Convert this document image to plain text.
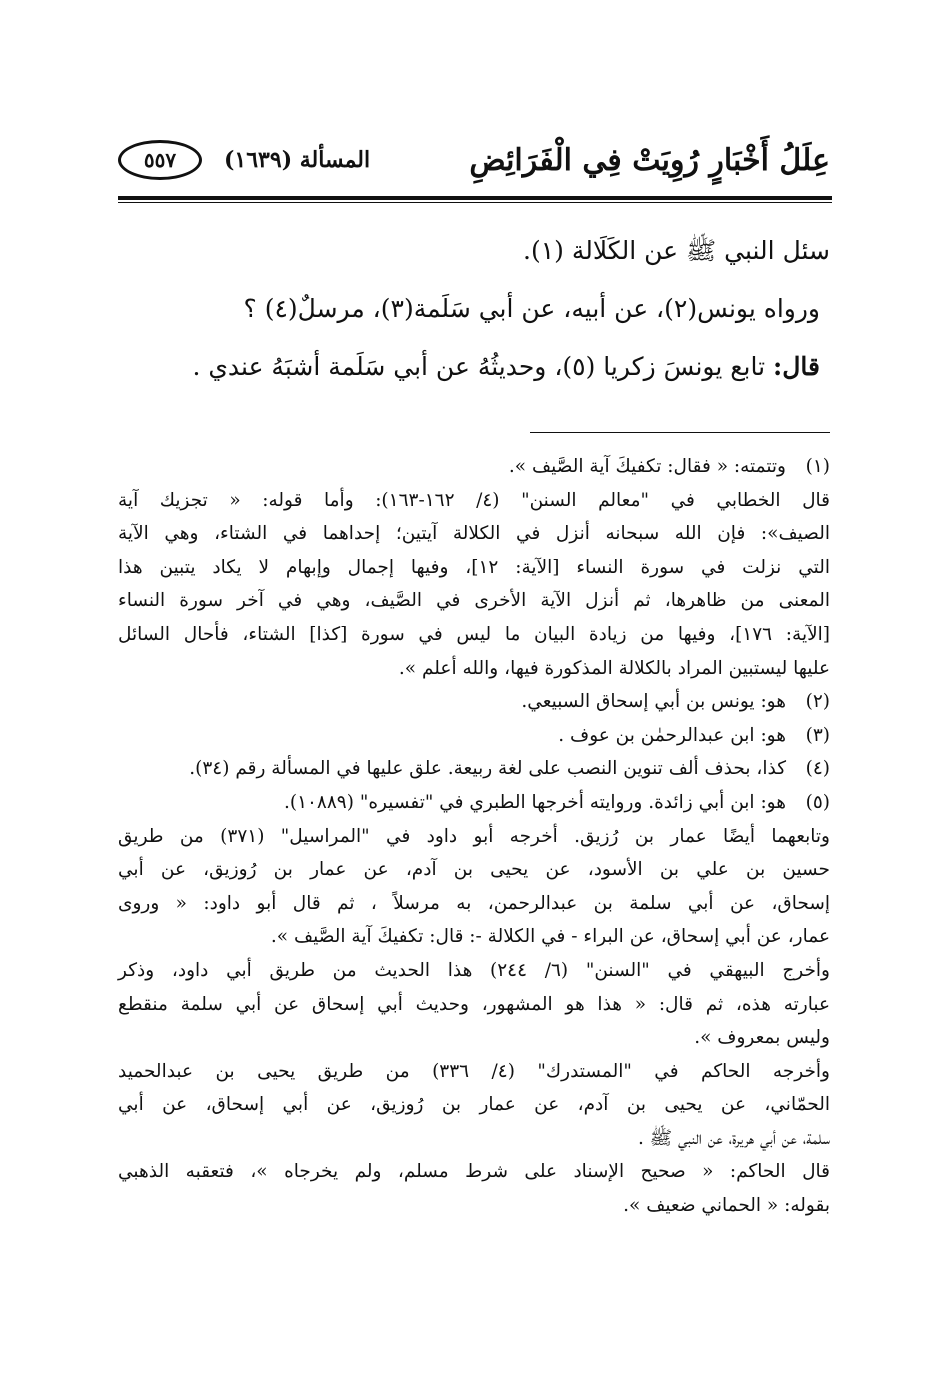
عِلَلُ أَخْبَارٍ رُوِيَتْ فِي الْفَرَائِضِ
المسألة (١٦٣٩)
٥٥٧

سئل النبي ﷺ عن الكَلَالة (١).

ورواه يونس(٢)، عن أبيه، عن أبي سَلَمة(٣)، مرسلٌ(٤) ؟

قال: تابع يونسَ زكريا (٥)، وحديثُهُ عن أبي سَلَمة أشبَهُ عندي .

(١)
وتتمته: « فقال: تكفيكَ آية الصَّيف ».
قال الخطابي في "معالم السنن" (٤/ ١٦٢-١٦٣): وأما قوله: « تجزيك آية
الصيف»: فإن الله سبحانه أنزل في الكلالة آيتين؛ إحداهما في الشتاء، وهي الآية
التي نزلت في سورة النساء [الآية: ١٢]، وفيها إجمال وإبهام لا يكاد يتبين هذا
المعنى من ظاهرها، ثم أنزل الآية الأخرى في الصَّيف، وهي في آخر سورة النساء
[الآية: ١٧٦]، وفيها من زيادة البيان ما ليس في سورة [كذا] الشتاء، فأحال السائل
عليها ليستبين المراد بالكلالة المذكورة فيها، والله أعلم ».
(٢)
هو: يونس بن أبي إسحاق السبيعي.
(٣)
هو: ابن عبدالرحمٰن بن عوف .
(٤)
كذا، بحذف ألف تنوين النصب على لغة ربيعة. علق عليها في المسألة رقم (٣٤).
(٥)
هو: ابن أبي زائدة. وروايته أخرجها الطبري في "تفسيره" (١٠٨٨٩).
وتابعهما أيضًا عمار بن رُزيق. أخرجه أبو داود في "المراسيل" (٣٧١) من طريق
حسين بن علي بن الأسود، عن يحيى بن آدم، عن عمار بن رُوزيق، عن أبي
إسحاق، عن أبي سلمة بن عبدالرحمن، به مرسلاً ، ثم قال أبو داود: « وروى
عمار، عن أبي إسحاق، عن البراء - في الكلالة -: قال: تكفيكَ آية الصَّيف ».
وأخرج البيهقي في "السنن" (٦/ ٢٤٤) هذا الحديث من طريق أبي داود، وذكر
عبارته هذه، ثم قال: « هذا هو المشهور، وحديث أبي إسحاق عن أبي سلمة منقطع
وليس بمعروف ».
وأخرجه الحاكم في "المستدرك" (٤/ ٣٣٦) من طريق يحيى بن عبدالحميد
الحمّاني، عن يحيى بن آدم، عن عمار بن رُوزيق، عن أبي إسحاق، عن أبي
سلمة، عن أبي هريرة، عن النبي ﷺ .
قال الحاكم: « صحيح الإسناد على شرط مسلم، ولم يخرجاه »، فتعقبه الذهبي
بقوله: « الحماني ضعيف ».
